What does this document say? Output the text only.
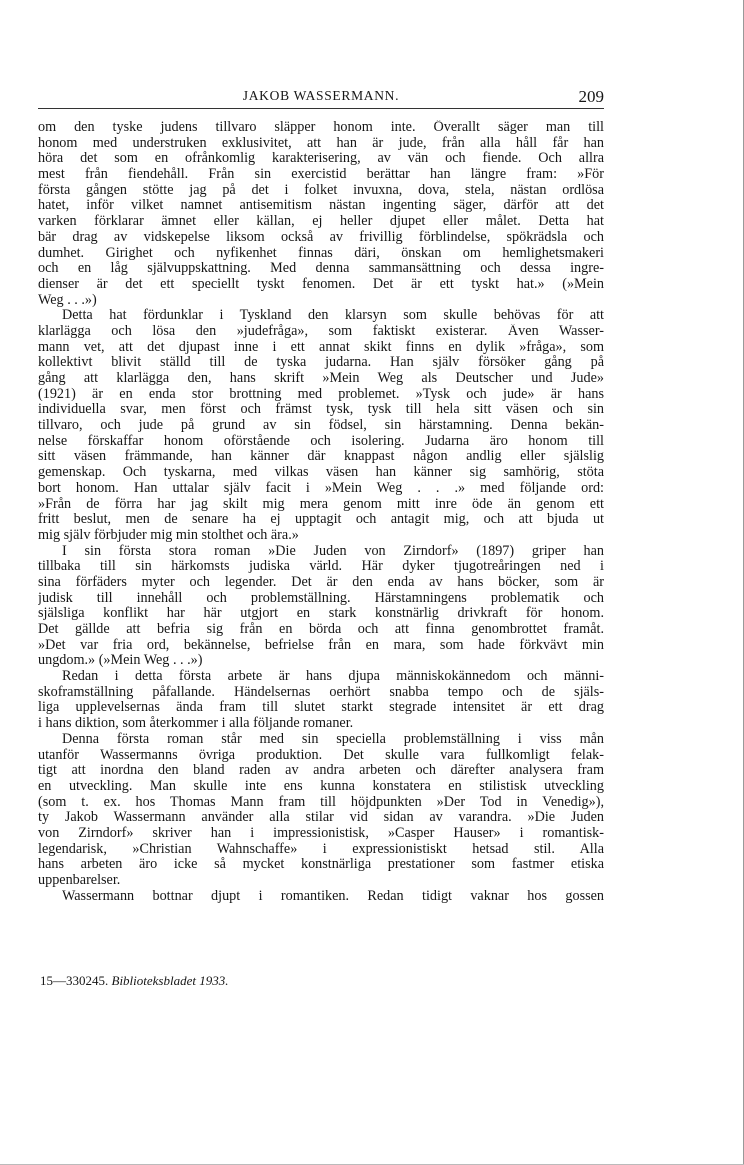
JAKOB WASSERMANN.	209
om den tyske judens tillvaro släpper honom inte. Överallt säger man till
honom med understruken exklusivitet, att han är jude, från alla håll får han
höra det som en ofrånkomlig karakterisering, av vän och fiende. Och allra
mest från fiendehåll. Från sin exercistid berättar han längre fram: »För
första gången stötte jag på det i folket invuxna, dova, stela, nästan ordlösa
hatet, inför vilket namnet antisemitism nästan ingenting säger, därför att det
varken förklarar ämnet eller källan, ej heller djupet eller målet. Detta hat
bär drag av vidskepelse liksom också av frivillig förblindelse, spökrädsla och
dumhet. Girighet och nyfikenhet finnas däri, önskan om hemlighetsmakeri
och en låg självuppskattning. Med denna sammansättning och dessa ingre-
dienser är det ett speciellt tyskt fenomen. Det är ett tyskt hat.» (»Mein
Weg . . .»)
Detta hat fördunklar i Tyskland den klarsyn som skulle behövas för att
klarlägga och lösa den »judefråga», som faktiskt existerar. Även Wasser-
mann vet, att det djupast inne i ett annat skikt finns en dylik »fråga», som
kollektivt blivit ställd till de tyska judarna. Han själv försöker gång på
gång att klarlägga den, hans skrift »Mein Weg als Deutscher und Jude»
(1921) är en enda stor brottning med problemet. »Tysk och jude» är hans
individuella svar, men först och främst tysk, tysk till hela sitt väsen och sin
tillvaro, och jude på grund av sin födsel, sin härstamning. Denna bekän-
nelse förskaffar honom oförstående och isolering. Judarna äro honom till
sitt väsen främmande, han känner där knappast någon andlig eller själslig
gemenskap. Och tyskarna, med vilkas väsen han känner sig samhörig, stöta
bort honom. Han uttalar själv facit i »Mein Weg . . .» med följande ord:
»Från de förra har jag skilt mig mera genom mitt inre öde än genom ett
fritt beslut, men de senare ha ej upptagit och antagit mig, och att bjuda ut
mig själv förbjuder mig min stolthet och ära.»
I sin första stora roman »Die Juden von Zirndorf» (1897) griper han
tillbaka till sin härkomsts judiska värld. Här dyker tjugotreåringen ned i
sina förfäders myter och legender. Det är den enda av hans böcker, som är
judisk till innehåll och problemställning. Härstamningens problematik och
själsliga konflikt har här utgjort en stark konstnärlig drivkraft för honom.
Det gällde att befria sig från en börda och att finna genombrottet framåt.
»Det var fria ord, bekännelse, befrielse från en mara, som hade förkvävt min
ungdom.» (»Mein Weg . . .»)
Redan i detta första arbete är hans djupa människokännedom och männi-
skoframställning påfallande. Händelsernas oerhört snabba tempo och de själs-
liga upplevelsernas ända fram till slutet starkt stegrade intensitet är ett drag
i hans diktion, som återkommer i alla följande romaner.
Denna första roman står med sin speciella problemställning i viss mån
utanför Wassermanns övriga produktion. Det skulle vara fullkomligt felak-
tigt att inordna den bland raden av andra arbeten och därefter analysera fram
en utveckling. Man skulle inte ens kunna konstatera en stilistisk utveckling
(som t. ex. hos Thomas Mann fram till höjdpunkten »Der Tod in Venedig»),
ty Jakob Wassermann använder alla stilar vid sidan av varandra. »Die Juden
von Zirndorf» skriver han i impressionistisk, »Casper Hauser» i romantisk-
legendarisk, »Christian Wahnschaffe» i expressionistiskt hetsad stil. Alla
hans arbeten äro icke så mycket konstnärliga prestationer som fastmer etiska
uppenbarelser.
Wassermann bottnar djupt i romantiken. Redan tidigt vaknar hos gossen
15—330245. Biblioteksbladet 1933.
